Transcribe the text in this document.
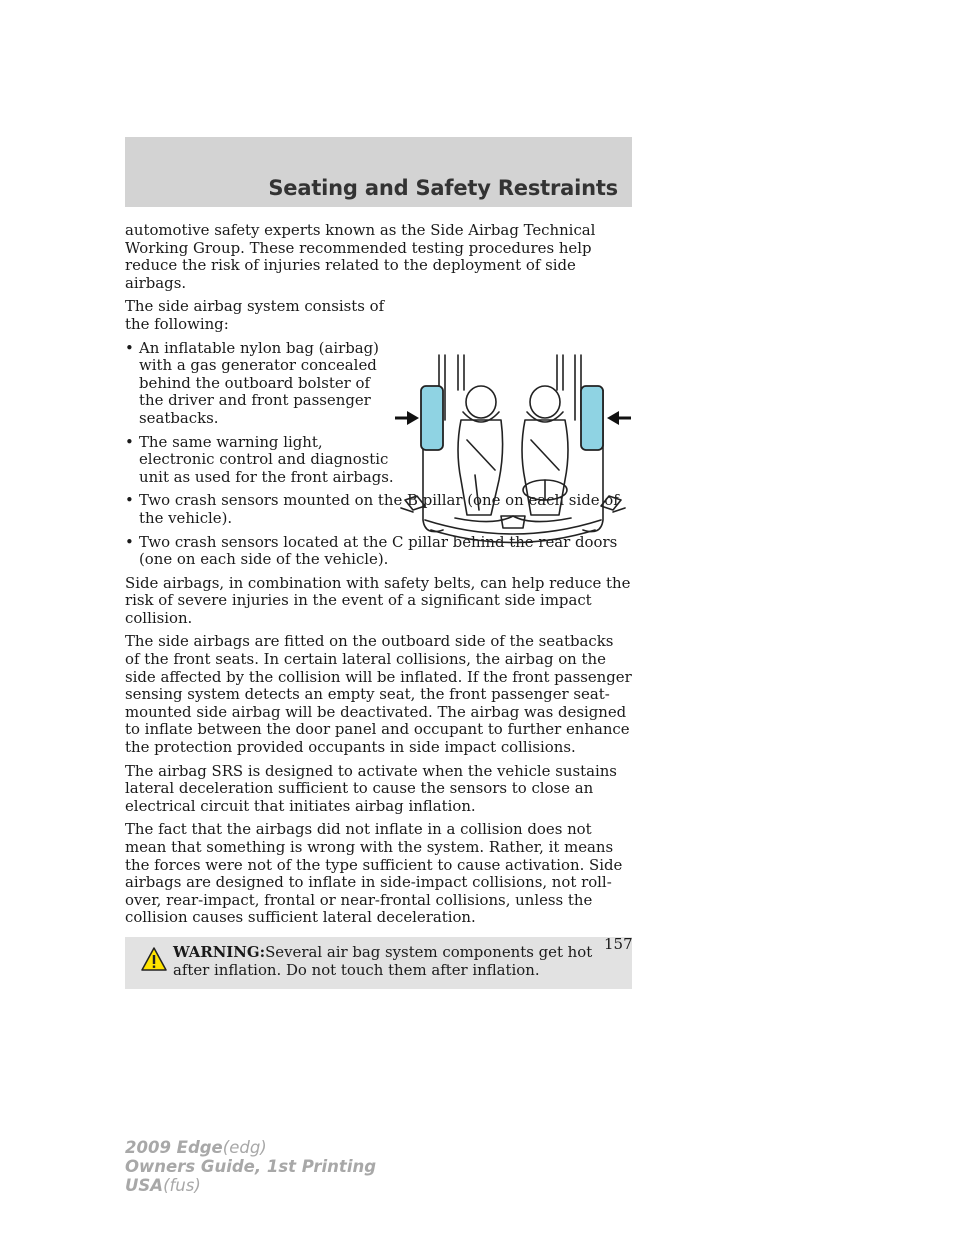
Seating and Safety Restraints

automotive safety experts known as the Side Airbag Technical Working Group. These recommended testing procedures help reduce the risk of injuries related to the deployment of side airbags.

The side airbag system consists of the following:

• An inflatable nylon bag (airbag) with a gas generator concealed behind the outboard bolster of the driver and front passenger seatbacks.
• The same warning light, electronic control and diagnostic unit as used for the front airbags.
• Two crash sensors mounted on the B pillar (one on each side of the vehicle).
• Two crash sensors located at the C pillar behind the rear doors (one on each side of the vehicle).

Side airbags, in combination with safety belts, can help reduce the risk of severe injuries in the event of a significant side impact collision.

The side airbags are fitted on the outboard side of the seatbacks of the front seats. In certain lateral collisions, the airbag on the side affected by the collision will be inflated. If the front passenger sensing system detects an empty seat, the front passenger seat-mounted side airbag will be deactivated. The airbag was designed to inflate between the door panel and occupant to further enhance the protection provided occupants in side impact collisions.

The airbag SRS is designed to activate when the vehicle sustains lateral deceleration sufficient to cause the sensors to close an electrical circuit that initiates airbag inflation.

The fact that the airbags did not inflate in a collision does not mean that something is wrong with the system. Rather, it means the forces were not of the type sufficient to cause activation. Side airbags are designed to inflate in side-impact collisions, not roll-over, rear-impact, frontal or near-frontal collisions, unless the collision causes sufficient lateral deceleration.

WARNING:Several air bag system components get hot after inflation. Do not touch them after inflation.
157
2009 Edge(edg)
Owners Guide, 1st Printing
USA(fus)
